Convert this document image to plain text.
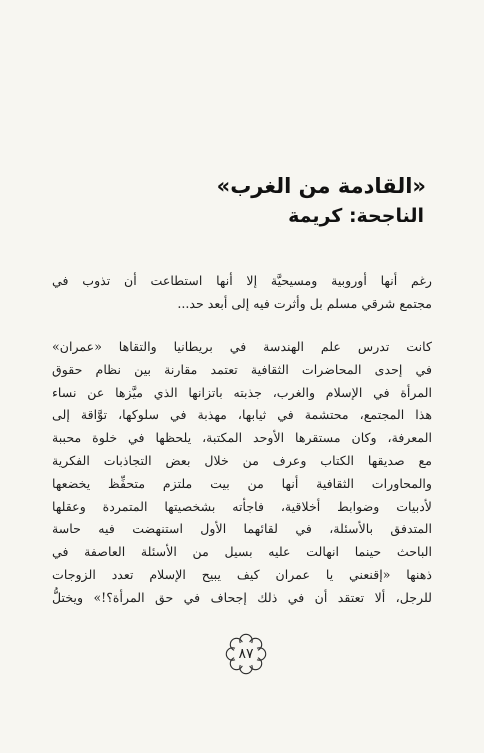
«القادمة من الغرب»
الناجحة: كريمة
رغم أنها أوروبية ومسيحيَّة إلا أنها استطاعت أن تذوب في
مجتمع شرقي مسلم بل وأثرت فيه إلى أبعد حد...
كانت تدرس علم الهندسة في بريطانيا والتقاها «عمران»
في إحدى المحاضرات الثقافية تعتمد مقارنة بين نظام حقوق
المرأة في الإسلام والغرب، جذبته باتزانها الذي ميَّزها عن نساء
هذا المجتمع، محتشمة في ثيابها، مهذبة في سلوكها، توَّاقة إلى
المعرفة، وكان مستقرها الأوحد المكتبة، يلحظها في خلوة محببة
مع صديقها الكتاب وعرف من خلال بعض التجاذبات الفكرية
والمحاورات الثقافية أنها من بيت ملتزم متحفِّظ يخضعها
لأدبيات وضوابط أخلاقية، فاجأته بشخصيتها المتمردة وعقلها
المتدفق بالأسئلة، في لقائهما الأول استنهضت فيه حاسة
الباحث حينما انهالت عليه بسيل من الأسئلة العاصفة في
ذهنها «إقنعني يا عمران كيف يبيح الإسلام تعدد الزوجات
للرجل، ألا تعتقد أن في ذلك إجحاف في حق المرأة؟!» ويختلُّ
٨٧
